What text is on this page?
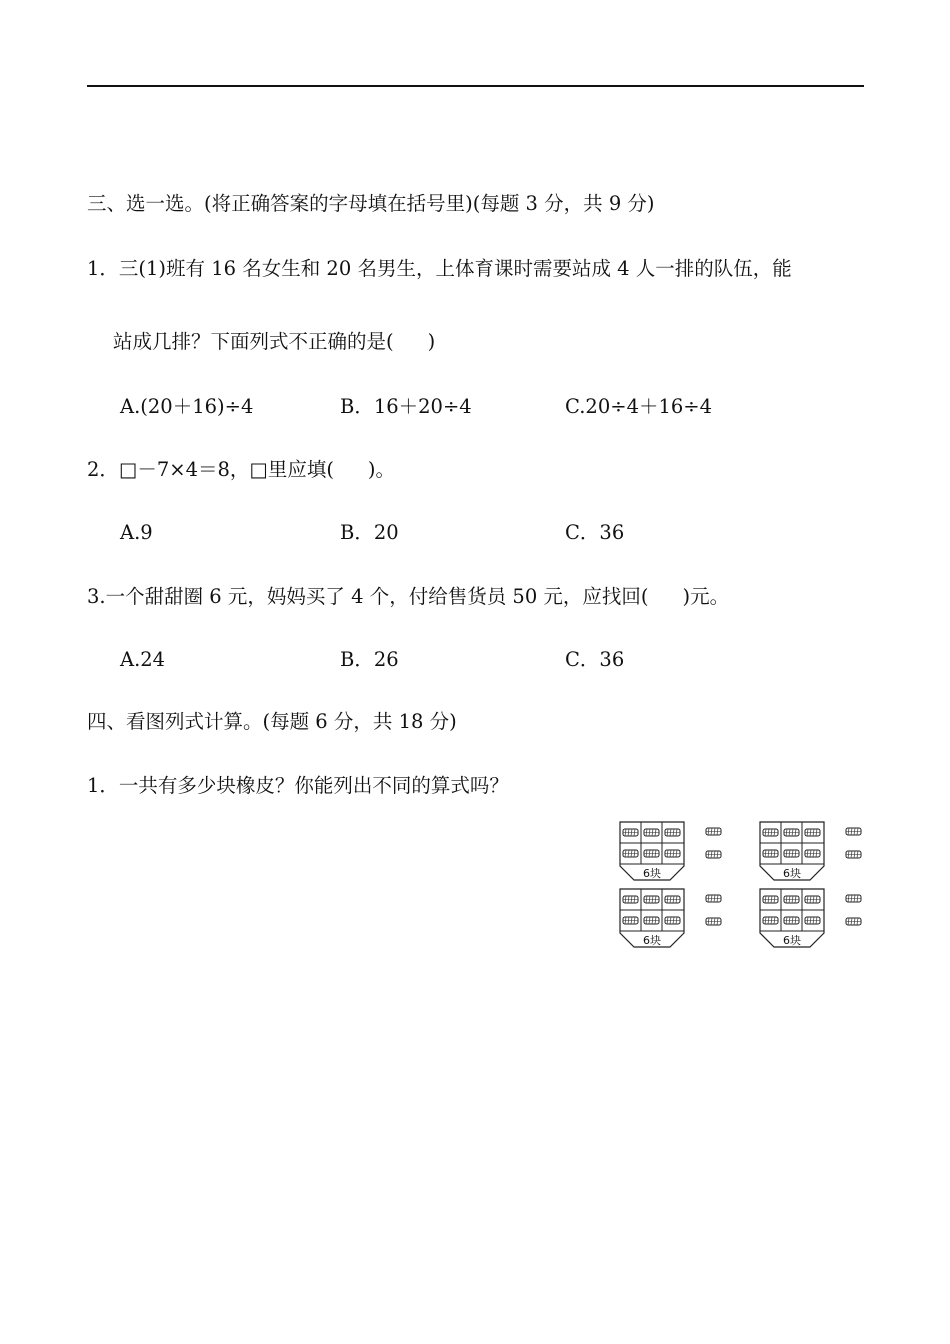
三、选一选。(将正确答案的字母填在括号里)(每题 3 分，共 9 分)
1．三(1)班有 16 名女生和 20 名男生，上体育课时需要站成 4 人一排的队伍，能
站成几排？下面列式不正确的是( )
A.(20＋16)÷4	B．16＋20÷4	C.20÷4＋16÷4
2．□－7×4＝8，□里应填( )。
A.9	B．20	C．36
3.一个甜甜圈 6 元，妈妈买了 4 个，付给售货员 50 元，应找回( )元。
A.24	B．26	C．36
四、看图列式计算。(每题 6 分，共 18 分)
1．一共有多少块橡皮？你能列出不同的算式吗？
6块	6块
6块	6块
